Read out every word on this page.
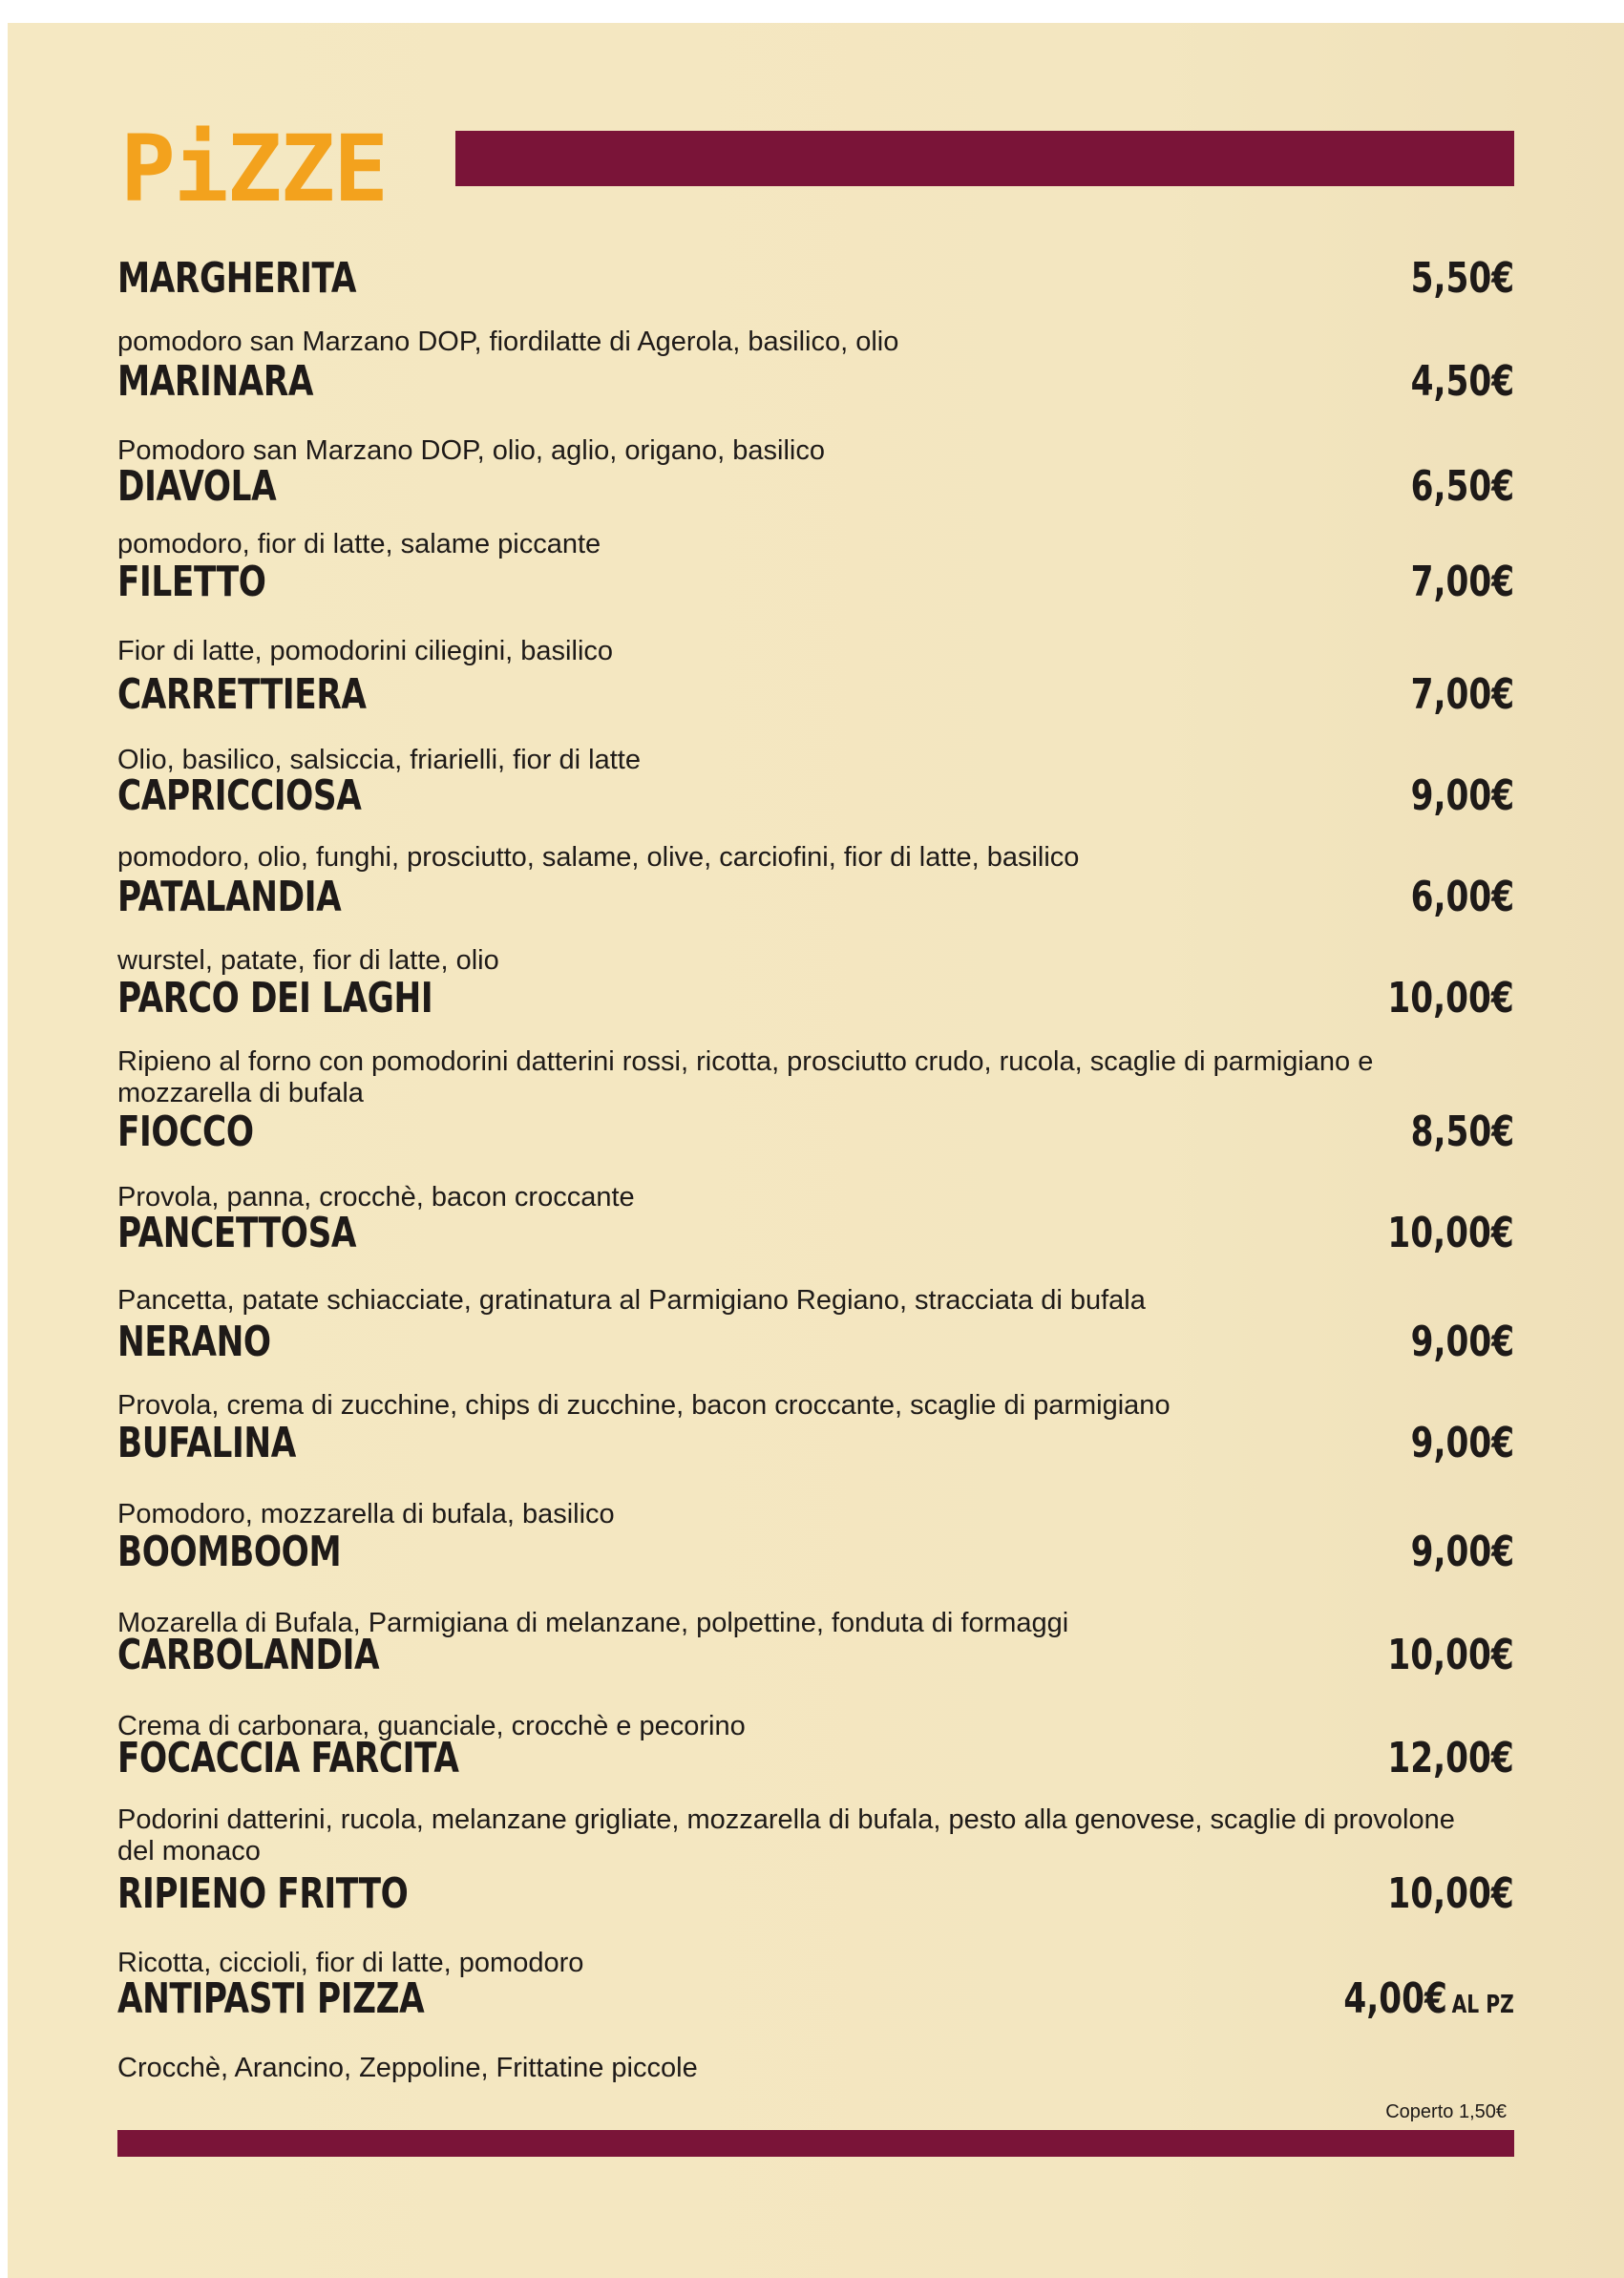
PiZZE
MARGHERITA	5,50€
pomodoro san Marzano DOP, fiordilatte di Agerola, basilico, olio
MARINARA	4,50€
Pomodoro san Marzano DOP, olio, aglio, origano, basilico
DIAVOLA	6,50€
pomodoro, fior di latte, salame piccante
FILETTO	7,00€
Fior di latte, pomodorini ciliegini, basilico
CARRETTIERA	7,00€
Olio, basilico, salsiccia, friarielli, fior di latte
CAPRICCIOSA	9,00€
pomodoro, olio, funghi, prosciutto, salame, olive, carciofini, fior di latte, basilico
PATALANDIA	6,00€
wurstel, patate, fior di latte, olio
PARCO DEI LAGHI	10,00€
Ripieno al forno con pomodorini datterini rossi, ricotta, prosciutto crudo, rucola, scaglie di parmigiano e
mozzarella di bufala
FIOCCO	8,50€
Provola, panna, crocchè, bacon croccante
PANCETTOSA	10,00€
Pancetta, patate schiacciate, gratinatura al Parmigiano Regiano, stracciata di bufala
NERANO	9,00€
Provola, crema di zucchine, chips di zucchine, bacon croccante, scaglie di parmigiano
BUFALINA	9,00€
Pomodoro, mozzarella di bufala, basilico
BOOMBOOM	9,00€
Mozarella di Bufala, Parmigiana di melanzane, polpettine, fonduta di formaggi
CARBOLANDIA	10,00€
Crema di carbonara, guanciale, crocchè e pecorino
FOCACCIA FARCITA	12,00€
Podorini datterini, rucola, melanzane grigliate, mozzarella di bufala, pesto alla genovese, scaglie di provolone
del monaco
RIPIENO FRITTO	10,00€
Ricotta, ciccioli, fior di latte, pomodoro
ANTIPASTI PIZZA	4,00€ AL PZ
Crocchè, Arancino, Zeppoline, Frittatine piccole
Coperto 1,50€
